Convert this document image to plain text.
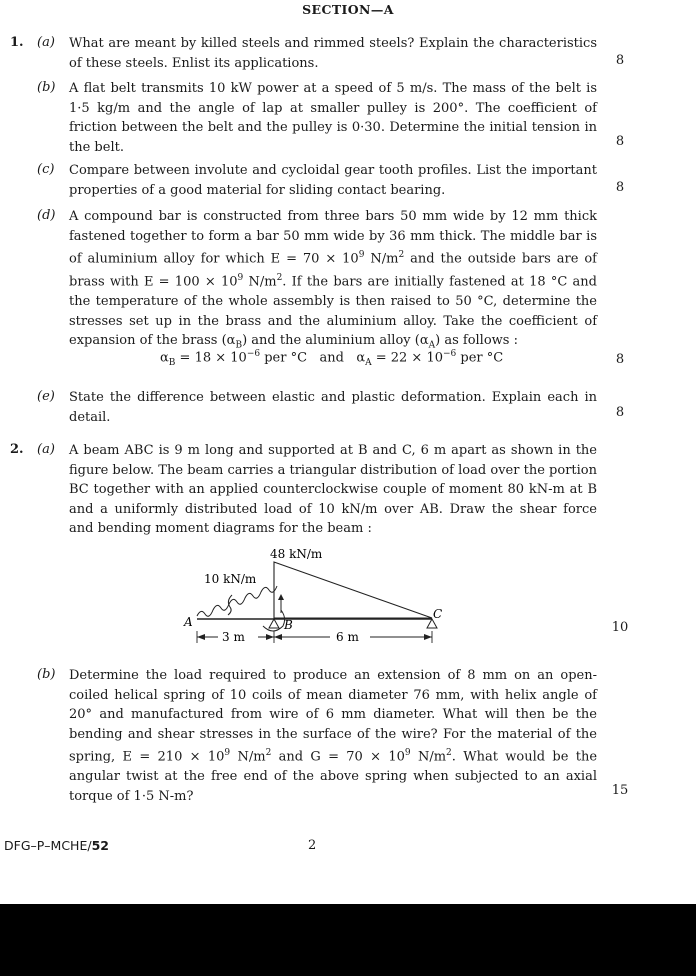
SECTION—A
1. (a) What are meant by killed steels and rimmed steels? Explain the characteristics
of these steels. Enlist its applications.	8
(b) A flat belt transmits 10 kW power at a speed of 5 m/s. The mass of the belt is
1·5 kg/m and the angle of lap at smaller pulley is 200°. The coefficient of
friction between the belt and the pulley is 0·30. Determine the initial tension in
the belt.	8
(c) Compare between involute and cycloidal gear tooth profiles. List the important
properties of a good material for sliding contact bearing.	8
(d) A compound bar is constructed from three bars 50 mm wide by 12 mm thick
fastened together to form a bar 50 mm wide by 36 mm thick. The middle bar is
of aluminium alloy for which $E = 70 \times 10^9$ $N/m^2$ and the outside bars are of
brass with $E = 100 \times 10^9$ $N/m^2$. If the bars are initially fastened at 18 °C and
the temperature of the whole assembly is then raised to 50 °C, determine the
stresses set up in the brass and the aluminium alloy. Take the coefficient of
expansion of the brass $(\alpha_B)$ and the aluminium alloy $(\alpha_A)$ as follows :
$\alpha_B = 18 \times 10^{-6}$ per °C and $\alpha_A = 22 \times 10^{-6}$ per °C	8
(e) State the difference between elastic and plastic deformation. Explain each in
detail.	8
2. (a) A beam ABC is 9 m long and supported at B and C, 6 m apart as shown in the
figure below. The beam carries a triangular distribution of load over the portion
BC together with an applied counterclockwise couple of moment 80 kN-m at B
and a uniformly distributed load of 10 kN/m over AB. Draw the shear force
and bending moment diagrams for the beam :
48 kN/m
10 kN/m
A	B
C
3 m	6 m
10
(b) Determine the load required to produce an extension of 8 mm on an open-
coiled helical spring of 10 coils of mean diameter 76 mm, with helix angle of
20° and manufactured from wire of 6 mm diameter. What will then be the
bending and shear stresses in the surface of the wire? For the material of the
spring, $E = 210 \times 10^9$ $N/m^2$ and $G = 70 \times 10^9$ $N/m^2$. What would be the
angular twist at the free end of the above spring when subjected to an axial
torque of 1·5 N-m?	15
DFG–P–MCHE/52	2
